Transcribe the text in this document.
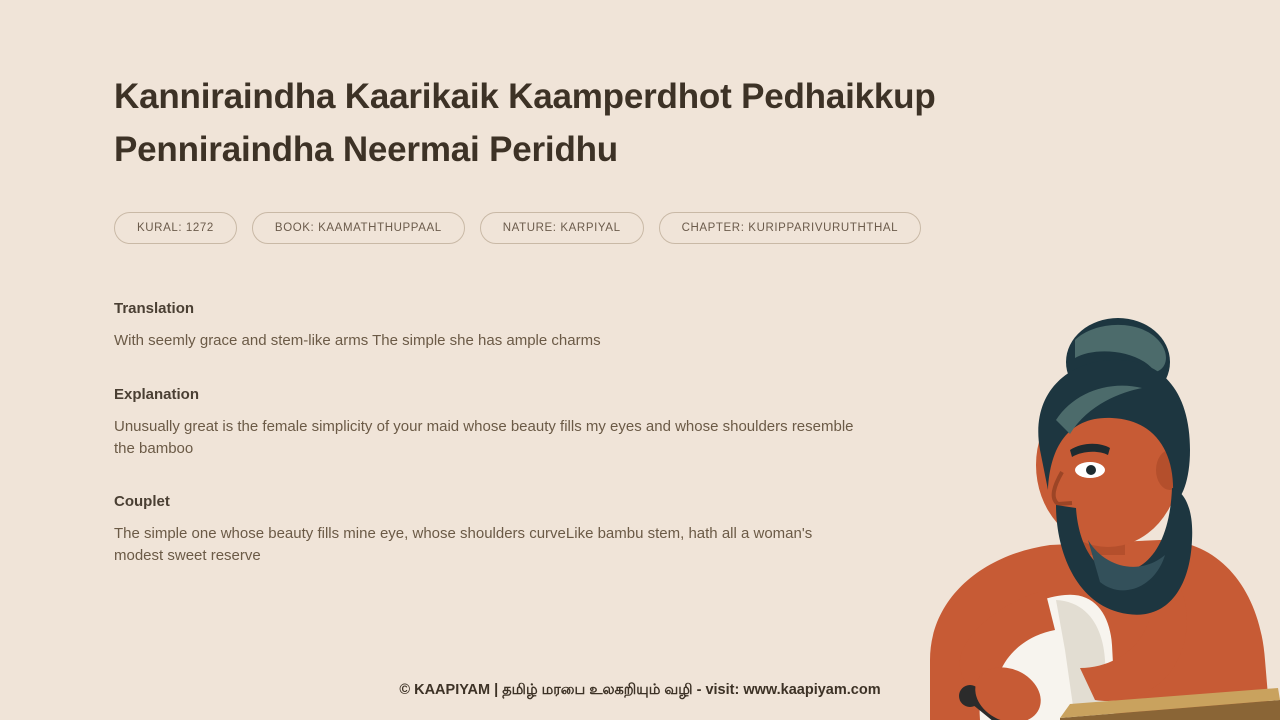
Kanniraindha Kaarikaik Kaamperdhot Pedhaikkup Penniraindha Neermai Peridhu
KURAL: 1272	BOOK: KAAMATHTHUPPAAL	NATURE: KARPIYAL	CHAPTER: KURIPPARIVURUTHTHAL
Translation
With seemly grace and stem-like arms The simple she has ample charms
Explanation
Unusually great is the female simplicity of your maid whose beauty fills my eyes and whose shoulders resemble the bamboo
Couplet
The simple one whose beauty fills mine eye, whose shoulders curveLike bambu stem, hath all a woman's modest sweet reserve
© KAAPIYAM | தமிழ் மரபை உலகறியும் வழி - visit: www.kaapiyam.com
